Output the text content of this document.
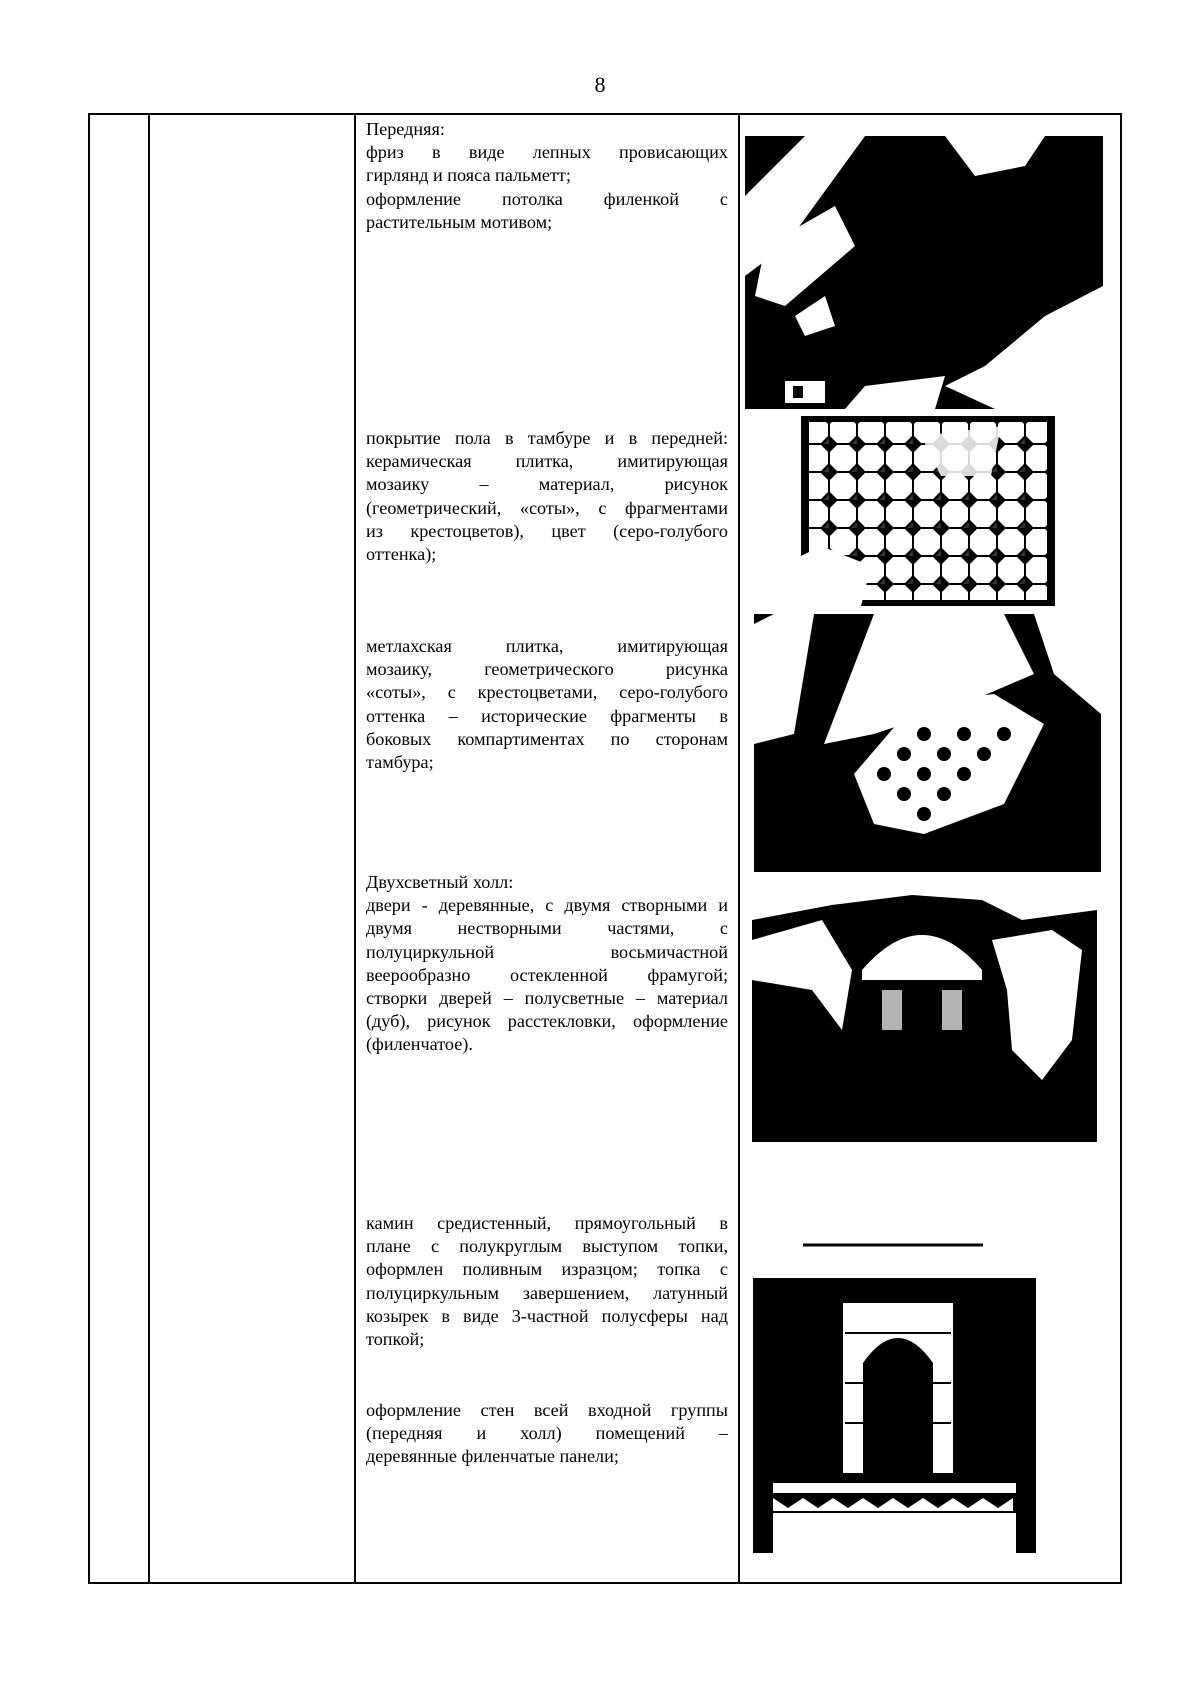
8
Передняя:
фриз в виде лепных провисающих
гирлянд и пояса пальметт;
оформление потолка филенкой с
растительным мотивом;
покрытие пола в тамбуре и в передней:
керамическая плитка, имитирующая
мозаику – материал, рисунок
(геометрический, «соты», с фрагментами
из крестоцветов), цвет (серо-голубого
оттенка);
метлахская плитка, имитирующая
мозаику, геометрического рисунка
«соты», с крестоцветами, серо-голубого
оттенка – исторические фрагменты в
боковых компартиментах по сторонам
тамбура;
Двухсветный холл:
двери - деревянные, с двумя створными и
двумя нестворными частями, с
полуциркульной восьмичастной
веерообразно остекленной фрамугой;
створки дверей – полусветные – материал
(дуб), рисунок расстекловки, оформление
(филенчатое).
камин средистенный, прямоугольный в
плане с полукруглым выступом топки,
оформлен поливным изразцом; топка с
полуциркульным завершением, латунный
козырек в виде 3-частной полусферы над
топкой;
оформление стен всей входной группы
(передняя и холл) помещений –
деревянные филенчатые панели;
